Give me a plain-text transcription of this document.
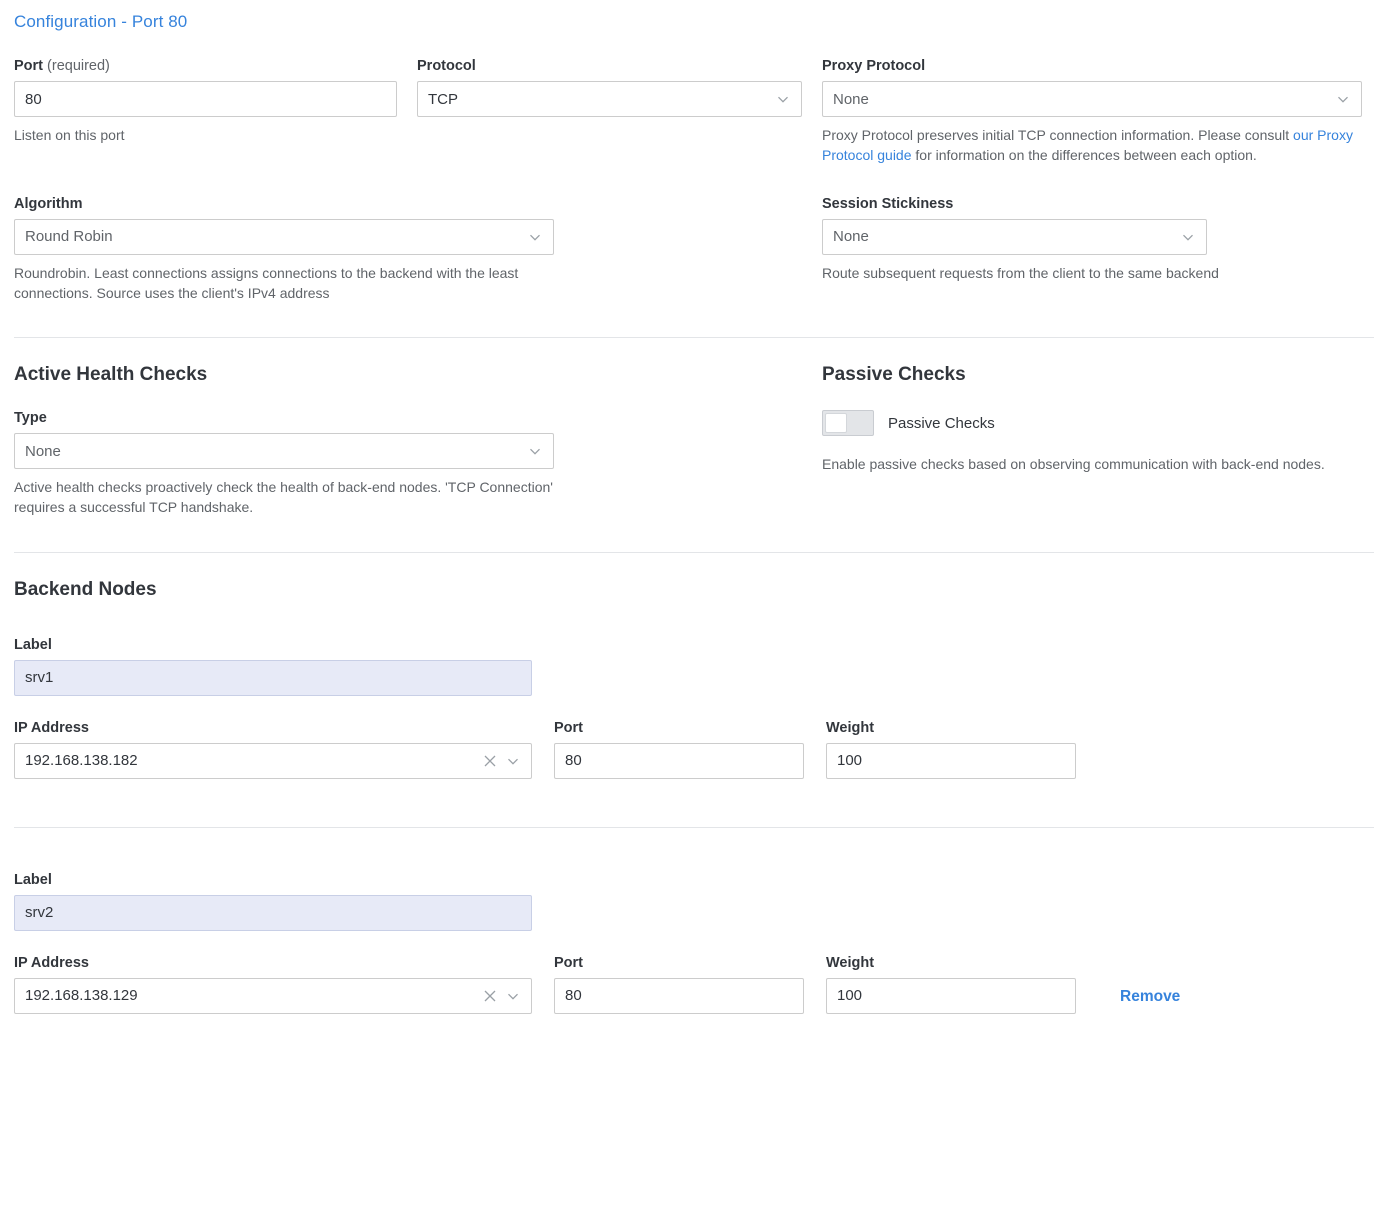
Configuration - Port 80
Port (required)
80
Listen on this port
Protocol
TCP
Proxy Protocol
None
Proxy Protocol preserves initial TCP connection information. Please consult our Proxy Protocol guide for information on the differences between each option.
Algorithm
Round Robin
Roundrobin. Least connections assigns connections to the backend with the least connections. Source uses the client's IPv4 address
Session Stickiness
None
Route subsequent requests from the client to the same backend
Active Health Checks
Type
None
Active health checks proactively check the health of back-end nodes. 'TCP Connection' requires a successful TCP handshake.
Passive Checks
Passive Checks
Enable passive checks based on observing communication with back-end nodes.
Backend Nodes
Label
srv1
IP Address
192.168.138.182
Port
80	Weight
100
Label
srv2
IP Address
192.168.138.129
Port
80	Weight
100
Remove
